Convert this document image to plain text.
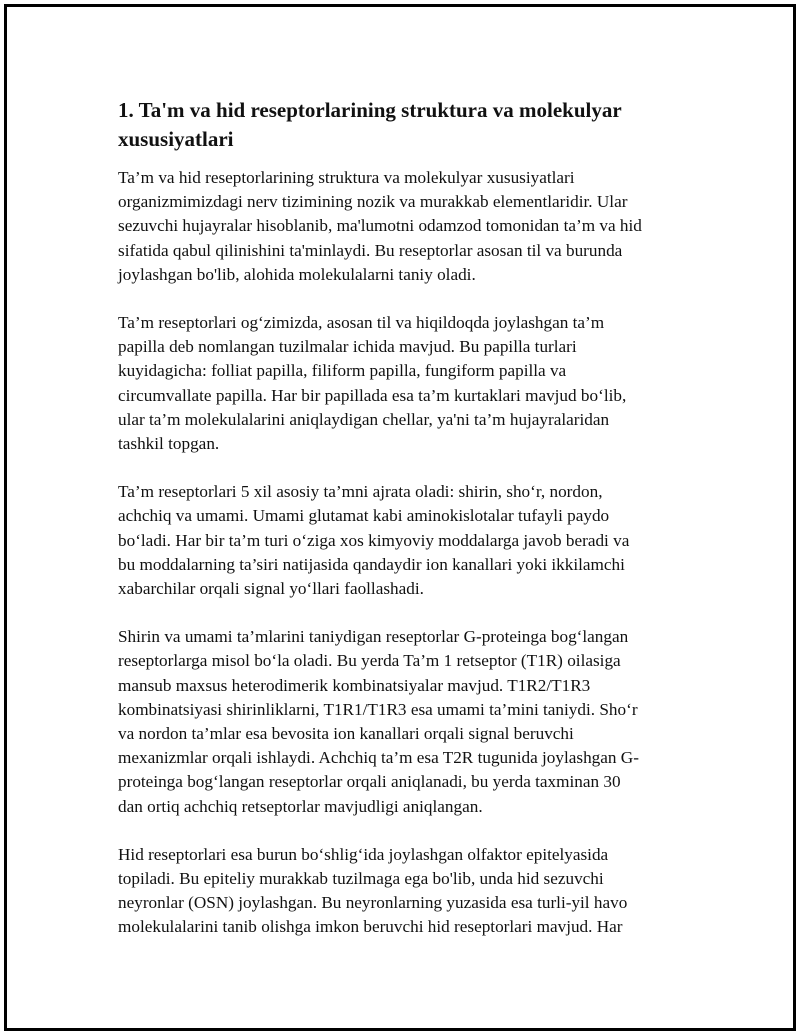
1. Ta'm va hid reseptorlarining struktura va molekulyar
xususiyatlari

Ta’m va hid reseptorlarining struktura va molekulyar xususiyatlari
organizmimizdagi nerv tizimining nozik va murakkab elementlaridir. Ular
sezuvchi hujayralar hisoblanib, ma'lumotni odamzod tomonidan ta’m va hid
sifatida qabul qilinishini ta'minlaydi. Bu reseptorlar asosan til va burunda
joylashgan bo'lib, alohida molekulalarni taniy oladi.

Ta’m reseptorlari og‘zimizda, asosan til va hiqildoqda joylashgan ta’m
papilla deb nomlangan tuzilmalar ichida mavjud. Bu papilla turlari
kuyidagicha: folliat papilla, filiform papilla, fungiform papilla va
circumvallate papilla. Har bir papillada esa ta’m kurtaklari mavjud bo‘lib,
ular ta’m molekulalarini aniqlaydigan chellar, ya'ni ta’m hujayralaridan
tashkil topgan.

Ta’m reseptorlari 5 xil asosiy ta’mni ajrata oladi: shirin, sho‘r, nordon,
achchiq va umami. Umami glutamat kabi aminokislotalar tufayli paydo
bo‘ladi. Har bir ta’m turi o‘ziga xos kimyoviy moddalarga javob beradi va
bu moddalarning ta’siri natijasida qandaydir ion kanallari yoki ikkilamchi
xabarchilar orqali signal yo‘llari faollashadi.

Shirin va umami ta’mlarini taniydigan reseptorlar G-proteinga bog‘langan
reseptorlarga misol bo‘la oladi. Bu yerda Ta’m 1 retseptor (T1R) oilasiga
mansub maxsus heterodimerik kombinatsiyalar mavjud. T1R2/T1R3
kombinatsiyasi shirinliklarni, T1R1/T1R3 esa umami ta’mini taniydi. Sho‘r
va nordon ta’mlar esa bevosita ion kanallari orqali signal beruvchi
mexanizmlar orqali ishlaydi. Achchiq ta’m esa T2R tugunida joylashgan G-
proteinga bog‘langan reseptorlar orqali aniqlanadi, bu yerda taxminan 30
dan ortiq achchiq retseptorlar mavjudligi aniqlangan.

Hid reseptorlari esa burun bo‘shlig‘ida joylashgan olfaktor epitelyasida
topiladi. Bu epiteliy murakkab tuzilmaga ega bo'lib, unda hid sezuvchi
neyronlar (OSN) joylashgan. Bu neyronlarning yuzasida esa turli-yil havo
molekulalarini tanib olishga imkon beruvchi hid reseptorlari mavjud. Har
